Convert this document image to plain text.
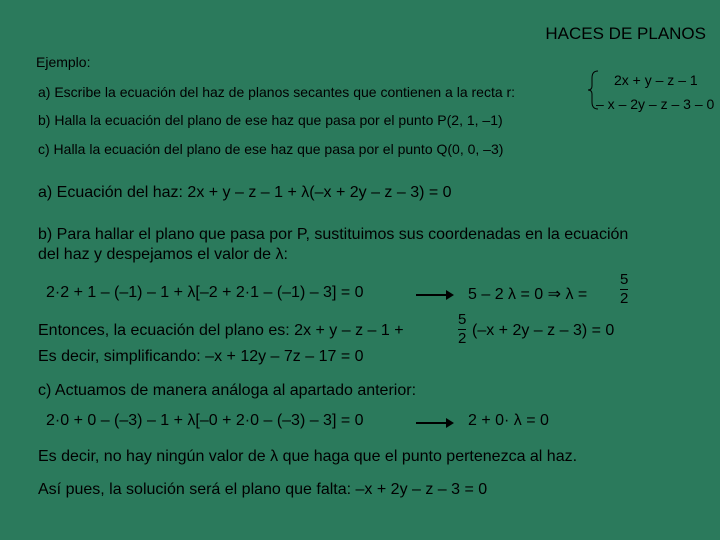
HACES DE PLANOS
Ejemplo:
a) Escribe la ecuación del haz de planos secantes que contienen a la recta r:
2x + y – z – 1
– x – 2y – z – 3 – 0
b) Halla la ecuación del plano de ese haz que pasa por el punto P(2, 1, –1)
c) Halla la ecuación del plano de ese haz que pasa por el punto Q(0, 0, –3)
a) Ecuación del haz: 2x + y – z – 1 + λ(–x + 2y – z – 3) = 0
b) Para hallar el plano que pasa por P, sustituimos sus coordenadas en la ecuación
del haz y despejamos el valor de λ:
2·2 + 1 – (–1) – 1 + λ[–2 + 2·1 – (–1) – 3] = 0	5 – 2 λ = 0 ⇒ λ =
5
2
Entonces, la ecuación del plano es: 2x + y – z – 1 +
5
2 (–x + 2y – z – 3) = 0
Es decir, simplificando: –x + 12y – 7z – 17 = 0
c) Actuamos de manera análoga al apartado anterior:
2·0 + 0 – (–3) – 1 + λ[–0 + 2·0 – (–3) – 3] = 0	2 + 0· λ = 0
Es decir, no hay ningún valor de λ que haga que el punto pertenezca al haz.
Así pues, la solución será el plano que falta: –x + 2y – z – 3 = 0
